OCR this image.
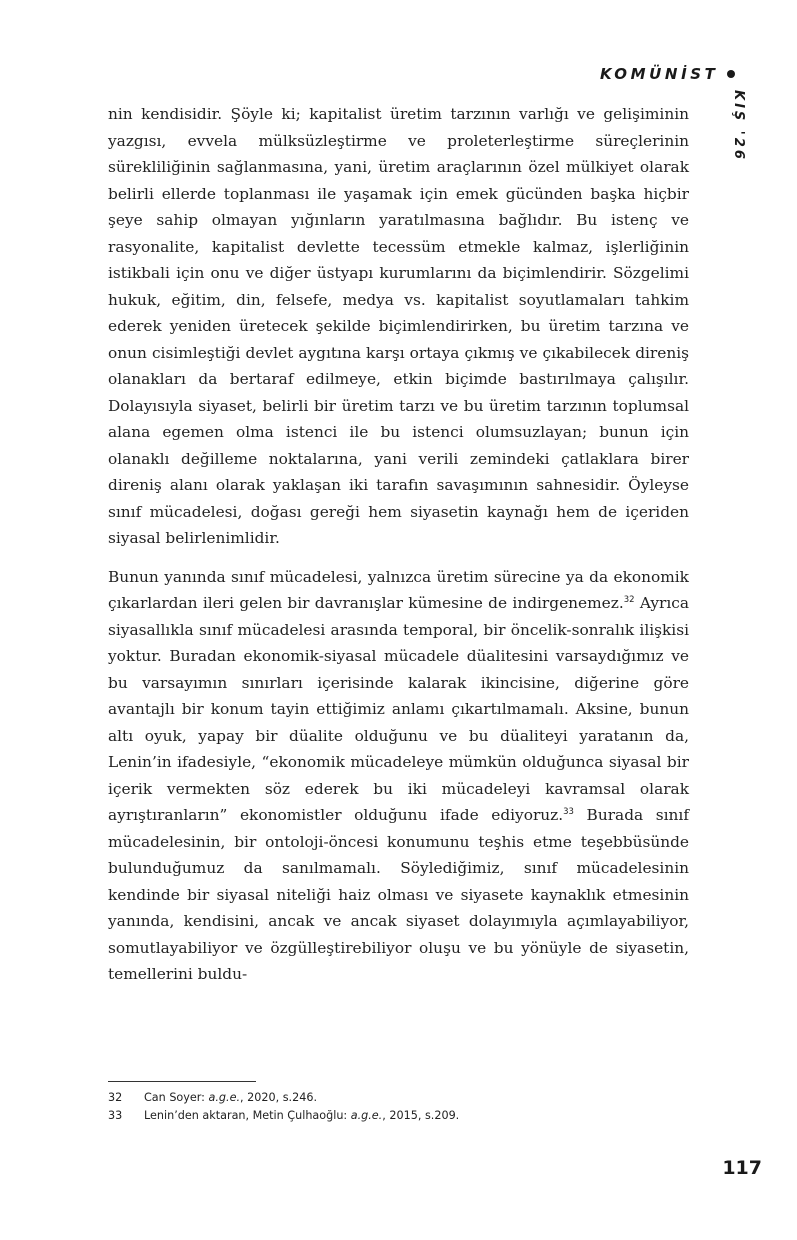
KOMÜNİST
KIŞ '26

nin kendisidir. Şöyle ki; kapitalist üretim tarzının varlığı ve gelişiminin yazgısı, evvela mülksüzleştirme ve proleterleştirme süreçlerinin sürekliliğinin sağlanmasına, yani, üretim araçlarının özel mülkiyet olarak belirli ellerde toplanması ile yaşamak için emek gücünden başka hiçbir şeye sahip olmayan yığınların yaratılmasına bağlıdır. Bu istenç ve rasyonalite, kapitalist devlette tecessüm etmekle kalmaz, işlerliğinin istikbali için onu ve diğer üstyapı kurumlarını da biçimlendirir. Sözgelimi hukuk, eğitim, din, felsefe, medya vs. kapitalist soyutlamaları tahkim ederek yeniden üretecek şekilde biçimlendirirken, bu üretim tarzına ve onun cisimleştiği devlet aygıtına karşı ortaya çıkmış ve çıkabilecek direniş olanakları da bertaraf edilmeye, etkin biçimde bastırılmaya çalışılır. Dolayısıyla siyaset, belirli bir üretim tarzı ve bu üretim tarzının toplumsal alana egemen olma istenci ile bu istenci olumsuzlayan; bunun için olanaklı değilleme noktalarına, yani verili zemindeki çatlaklara birer direniş alanı olarak yaklaşan iki tarafın savaşımının sahnesidir. Öyleyse sınıf mücadelesi, doğası gereği hem siyasetin kaynağı hem de içeriden siyasal belirlenimlidir.

Bunun yanında sınıf mücadelesi, yalnızca üretim sürecine ya da ekonomik çıkarlardan ileri gelen bir davranışlar kümesine de indirgenemez.$^{32}$ Ayrıca siyasallıkla sınıf mücadelesi arasında temporal, bir öncelik-sonralık ilişkisi yoktur. Buradan ekonomik-siyasal mücadele düalitesini varsaydığımız ve bu varsayımın sınırları içerisinde kalarak ikincisine, diğerine göre avantajlı bir konum tayin ettiğimiz anlamı çıkartılmamalı. Aksine, bunun altı oyuk, yapay bir düalite olduğunu ve bu düaliteyi yaratanın da, Lenin’in ifadesiyle, “ekonomik mücadeleye mümkün olduğunca siyasal bir içerik vermekten söz ederek bu iki mücadeleyi kavramsal olarak ayrıştıranların” ekonomistler olduğunu ifade ediyoruz.$^{33}$ Burada sınıf mücadelesinin, bir ontoloji-öncesi konumunu teşhis etme teşebbüsünde bulunduğumuz da sanılmamalı. Söylediğimiz, sınıf mücadelesinin kendinde bir siyasal niteliği haiz olması ve siyasete kaynaklık etmesinin yanında, kendisini, ancak ve ancak siyaset dolayımıyla açımlayabiliyor, somutlayabiliyor ve özgülleştirebiliyor oluşu ve bu yönüyle de siyasetin, temellerini buldu-

32	Can Soyer: a.g.e., 2020, s.246.
33	Lenin’den aktaran, Metin Çulhaoğlu: a.g.e., 2015, s.209.
117
